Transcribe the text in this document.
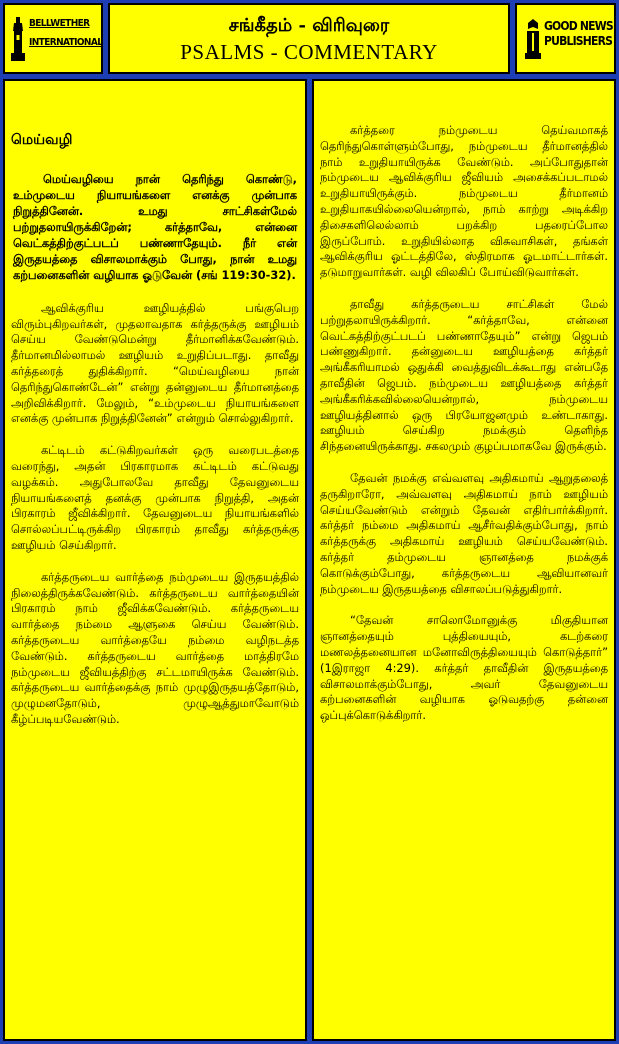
BELLWETHER
INTERNATIONAL
சங்கீதம் - விரிவுரை
PSALMS - COMMENTARY
GOOD NEWS
PUBLISHERS
மெய்வழி

மெய்வழியை நான் தெரிந்து கொண்டு, உம்முடைய நியாயங்களை எனக்கு முன்பாக நிறுத்தினேன். உமது சாட்சிகள்மேல் பற்றுதலாயிருக்கிறேன்; கர்த்தாவே, என்னை வெட்கத்திற்குட்படப் பண்ணாதேயும். நீர் என் இருதயத்தை விசாலமாக்கும் போது, நான் உமது கற்பனைகளின் வழியாக ஓடுவேன் (சங் 119:30-32).

ஆவிக்குரிய ஊழியத்தில் பங்குபெற விரும்புகிறவர்கள், முதலாவதாக கர்த்தருக்கு ஊழியம் செய்ய வேண்டுமென்று தீர்மானிக்கவேண்டும். தீர்மானமில்லாமல் ஊழியம் உறுதிப்படாது. தாவீது கர்த்தரைத் துதிக்கிறார். “மெய்வழியை நான் தெரிந்துகொண்டேன்” என்று தன்னுடைய தீர்மானத்தை அறிவிக்கிறார். மேலும், “உம்முடைய நியாயங்களை எனக்கு முன்பாக நிறுத்தினேன்” என்றும் சொல்லுகிறார்.

கட்டிடம் கட்டுகிறவர்கள் ஒரு வரைபடத்தை வரைந்து, அதன் பிரகாரமாக கட்டிடம் கட்டுவது வழக்கம். அதுபோலவே தாவீது தேவனுடைய நியாயங்களைத் தனக்கு முன்பாக நிறுத்தி, அதன் பிரகாரம் ஜீவிக்கிறார். தேவனுடைய நியாயங்களில் சொல்லப்பட்டிருக்கிற பிரகாரம் தாவீது கர்த்தருக்கு ஊழியம் செய்கிறார்.

கர்த்தருடைய வார்த்தை நம்முடைய இருதயத்தில் நிலைத்திருக்கவேண்டும். கர்த்தருடைய வார்த்தையின் பிரகாரம் நாம் ஜீவிக்கவேண்டும். கர்த்தருடைய வார்த்தை நம்மை ஆளுகை செய்ய வேண்டும். கர்த்தருடைய வார்த்தையே நம்மை வழிநடத்த வேண்டும். கர்த்தருடைய வார்த்தை மாத்திரமே நம்முடைய ஜீவியத்திற்கு சட்டமாயிருக்க வேண்டும். கர்த்தருடைய வார்த்தைக்கு நாம் முழுஇருதயத்தோடும், முழுமனதோடும், முழுஆத்துமாவோடும் கீழ்ப்படியவேண்டும்.

கர்த்தரை நம்முடைய தெய்வமாகத் தெரிந்துகொள்ளும்போது, நம்முடைய தீர்மானத்தில் நாம் உறுதியாயிருக்க வேண்டும். அப்போதுதான் நம்முடைய ஆவிக்குரிய ஜீவியம் அசைக்கப்படாமல் உறுதியாயிருக்கும். நம்முடைய தீர்மானம் உறுதியாகயில்லையென்றால், நாம் காற்று அடிக்கிற திசைகளிலெல்லாம் பறக்கிற பதரைப்போல இருப்போம். உறுதியில்லாத விசுவாசிகள், தங்கள் ஆவிக்குரிய ஓட்டத்திலே, ஸ்திரமாக ஓடமாட்டார்கள். தடுமாறுவார்கள். வழி விலகிப் போய்விடுவார்கள்.

தாவீது கர்த்தருடைய சாட்சிகள் மேல் பற்றுதலாயிருக்கிறார். “கர்த்தாவே, என்னை வெட்கத்திற்குட்படப் பண்ணாதேயும்” என்று ஜெபம் பண்ணுகிறார். தன்னுடைய ஊழியத்தை கர்த்தர் அங்கீகரியாமல் ஒதுக்கி வைத்துவிடக்கூடாது என்பதே தாவீதின் ஜெபம். நம்முடைய ஊழியத்தை கர்த்தர் அங்கீகரிக்கவில்லையென்றால், நம்முடைய ஊழியத்தினால் ஒரு பிரயோஜனமும் உண்டாகாது. ஊழியம் செய்கிற நமக்கும் தெளிந்த சிந்தனையிருக்காது. சகலமும் குழப்பமாகவே இருக்கும்.

தேவன் நமக்கு எவ்வளவு அதிகமாய் ஆறுதலைத் தருகிறாரோ, அவ்வளவு அதிகமாய் நாம் ஊழியம் செய்யவேண்டும் என்றும் தேவன் எதிர்பார்க்கிறார். கர்த்தர் நம்மை அதிகமாய் ஆசீர்வதிக்கும்போது, நாம் கர்த்தருக்கு அதிகமாய் ஊழியம் செய்யவேண்டும். கர்த்தர் தம்முடைய ஞானத்தை நமக்குக் கொடுக்கும்போது, கர்த்தருடைய ஆவியானவர் நம்முடைய இருதயத்தை விசாலப்படுத்துகிறார்.

“தேவன் சாலொமோனுக்கு மிகுதியான ஞானத்தையும் புத்தியையும், கடற்கரை மணலத்தனையான மனோவிருத்தியையும் கொடுத்தார்” (1இராஜா 4:29). கர்த்தர் தாவீதின் இருதயத்தை விசாலமாக்கும்போது, அவர் தேவனுடைய கற்பனைகளின் வழியாக ஓடுவதற்கு தன்னை ஒப்புக்கொடுக்கிறார்.
